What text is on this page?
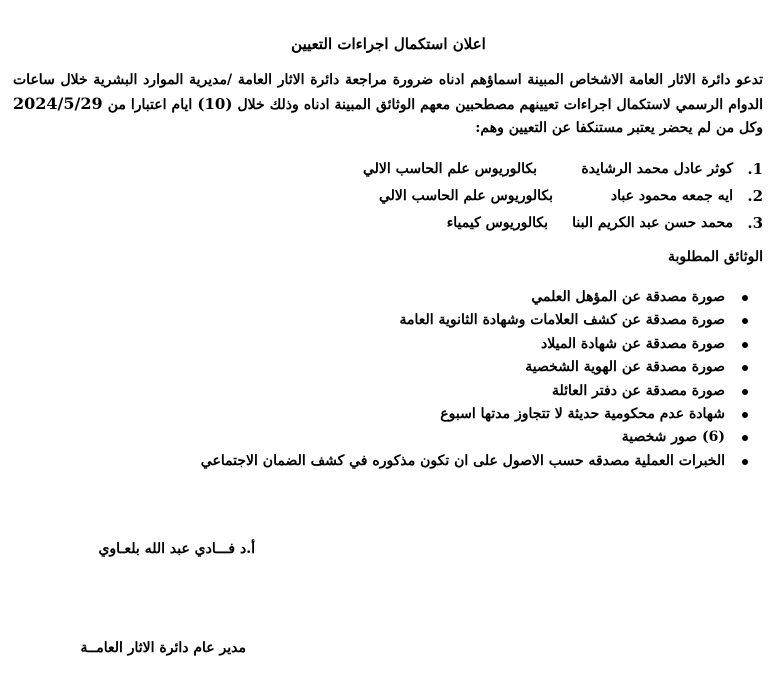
اعلان استكمال اجراءات التعيين
تدعو دائرة الاثار العامة الاشخاص المبينة اسماؤهم ادناه ضرورة مراجعة دائرة الاثار العامة /مديرية الموارد البشرية خلال ساعات الدوام الرسمي لاستكمال اجراءات تعيينهم مصطحبين معهم الوثائق المبينة ادناه وذلك خلال (10) ايام اعتبارا من 2024/5/29 وكل من لم يحضر يعتبر مستنكفا عن التعيين وهم:
1.
كوثر عادل محمد الرشايدة
بكالوريوس علم الحاسب الالي
2.
ايه جمعه محمود عباد
بكالوريوس علم الحاسب الالي
3.
محمد حسن عبد الكريم البنا
بكالوريوس كيمياء
الوثائق المطلوبة
صورة مصدقة عن المؤهل العلمي
صورة مصدقة عن كشف العلامات وشهادة الثانوية العامة
صورة مصدقة عن شهادة الميلاد
صورة مصدقة عن الهوية الشخصية
صورة مصدقة عن دفتر العائلة
شهادة عدم محكومية حديثة لا تتجاوز مدتها اسبوع
(6) صور شخصية
الخبرات العملية مصدقه حسب الاصول على ان تكون مذكوره في كشف الضمان الاجتماعي
أ.د فـــادي عبد الله بلعـاوي
مدير عام دائرة الاثار العامــة
